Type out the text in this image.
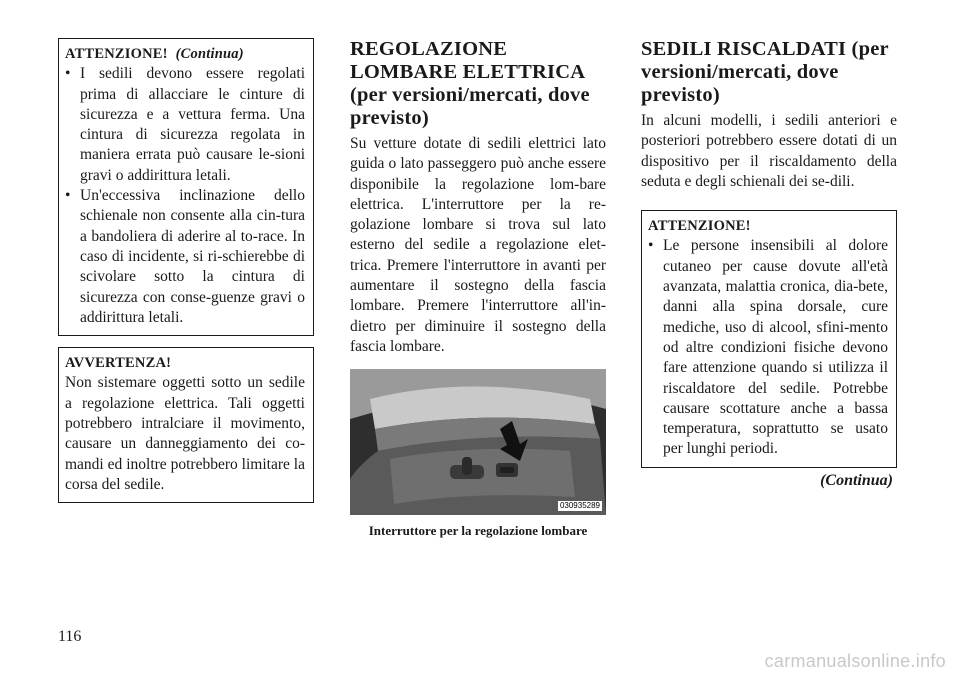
ATTENZIONE! (Continua)
• I sedili devono essere regolati prima di allacciare le cinture di sicurezza e a vettura ferma. Una cintura di sicurezza regolata in maniera errata può causare le-sioni gravi o addirittura letali.
• Un'eccessiva inclinazione dello schienale non consente alla cin-tura a bandoliera di aderire al to-race. In caso di incidente, si ri-schierebbe di scivolare sotto la cintura di sicurezza con conse-guenze gravi o addirittura letali.
AVVERTENZA!

Non sistemare oggetti sotto un sedile a regolazione elettrica. Tali oggetti potrebbero intralciare il movimento, causare un danneggiamento dei co-mandi ed inoltre potrebbero limitare la corsa del sedile.

REGOLAZIONE LOMBARE ELETTRICA (per versioni/mercati, dove previsto)

Su vetture dotate di sedili elettrici lato guida o lato passeggero può anche essere disponibile la regolazione lom-bare elettrica. L'interruttore per la re-golazione lombare si trova sul lato esterno del sedile a regolazione elet-trica. Premere l'interruttore in avanti per aumentare il sostegno della fascia lombare. Premere l'interruttore all'in-dietro per diminuire il sostegno della fascia lombare.

030935289
Interruttore per la regolazione lombare
SEDILI RISCALDATI (per versioni/mercati, dove previsto)

In alcuni modelli, i sedili anteriori e posteriori potrebbero essere dotati di un dispositivo per il riscaldamento della seduta e degli schienali dei se-dili.

ATTENZIONE!
• Le persone insensibili al dolore cutaneo per cause dovute all'età avanzata, malattia cronica, dia-bete, danni alla spina dorsale, cure mediche, uso di alcool, sfini-mento od altre condizioni fisiche devono fare attenzione quando si utilizza il riscaldatore del sedile. Potrebbe causare scottature anche a bassa temperatura, soprattutto se usato per lunghi periodi.
(Continua)
116
carmanualsonline.info
